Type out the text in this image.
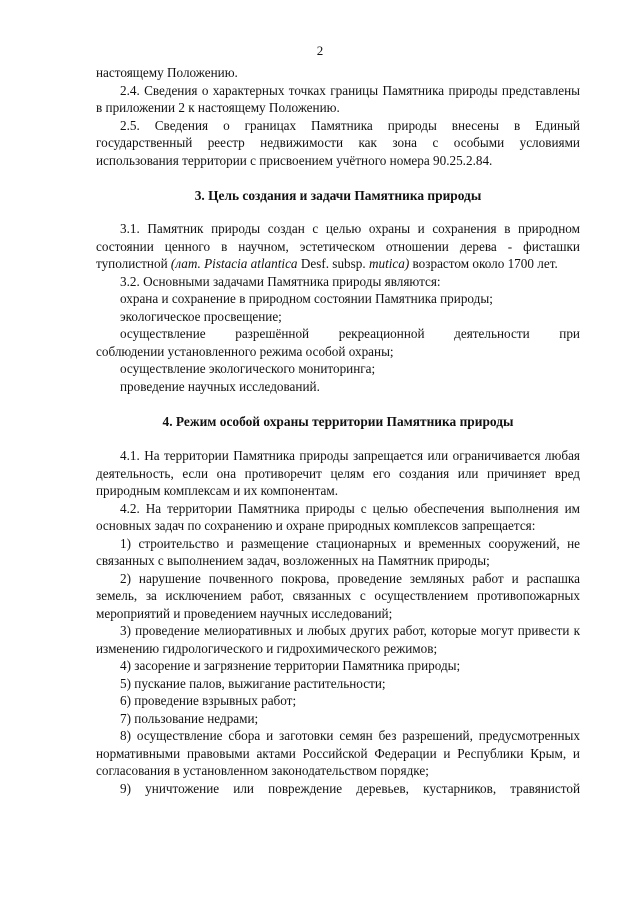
2

настоящему Положению.

2.4. Сведения о характерных точках границы Памятника природы представлены в приложении 2 к настоящему Положению.

2.5. Сведения о границах Памятника природы внесены в Единый государственный реестр недвижимости как зона с особыми условиями использования территории с присвоением учётного номера 90.25.2.84.

3. Цель создания и задачи Памятника природы

3.1. Памятник природы создан с целью охраны и сохранения в природном состоянии ценного в научном, эстетическом отношении дерева - фисташки туполистной (лат. Pistacia atlantica Desf. subsp. mutica) возрастом около 1700 лет.

3.2. Основными задачами Памятника природы являются:

охрана и сохранение в природном состоянии Памятника природы;

экологическое просвещение;

осуществление разрешённой рекреационной деятельности при

соблюдении установленного режима особой охраны;

осуществление экологического мониторинга;

проведение научных исследований.

4. Режим особой охраны территории Памятника природы

4.1. На территории Памятника природы запрещается или ограничивается любая деятельность, если она противоречит целям его создания или причиняет вред природным комплексам и их компонентам.

4.2. На территории Памятника природы с целью обеспечения выполнения им основных задач по сохранению и охране природных комплексов запрещается:

1) строительство и размещение стационарных и временных сооружений, не связанных с выполнением задач, возложенных на Памятник природы;

2) нарушение почвенного покрова, проведение земляных работ и распашка земель, за исключением работ, связанных с осуществлением противопожарных мероприятий и проведением научных исследований;

3) проведение мелиоративных и любых других работ, которые могут привести к изменению гидрологического и гидрохимического режимов;

4) засорение и загрязнение территории Памятника природы;

5) пускание палов, выжигание растительности;

6) проведение взрывных работ;

7) пользование недрами;

8) осуществление сбора и заготовки семян без разрешений, предусмотренных нормативными правовыми актами Российской Федерации и Республики Крым, и согласования в установленном законодательством порядке;

9) уничтожение или повреждение деревьев, кустарников, травянистой
